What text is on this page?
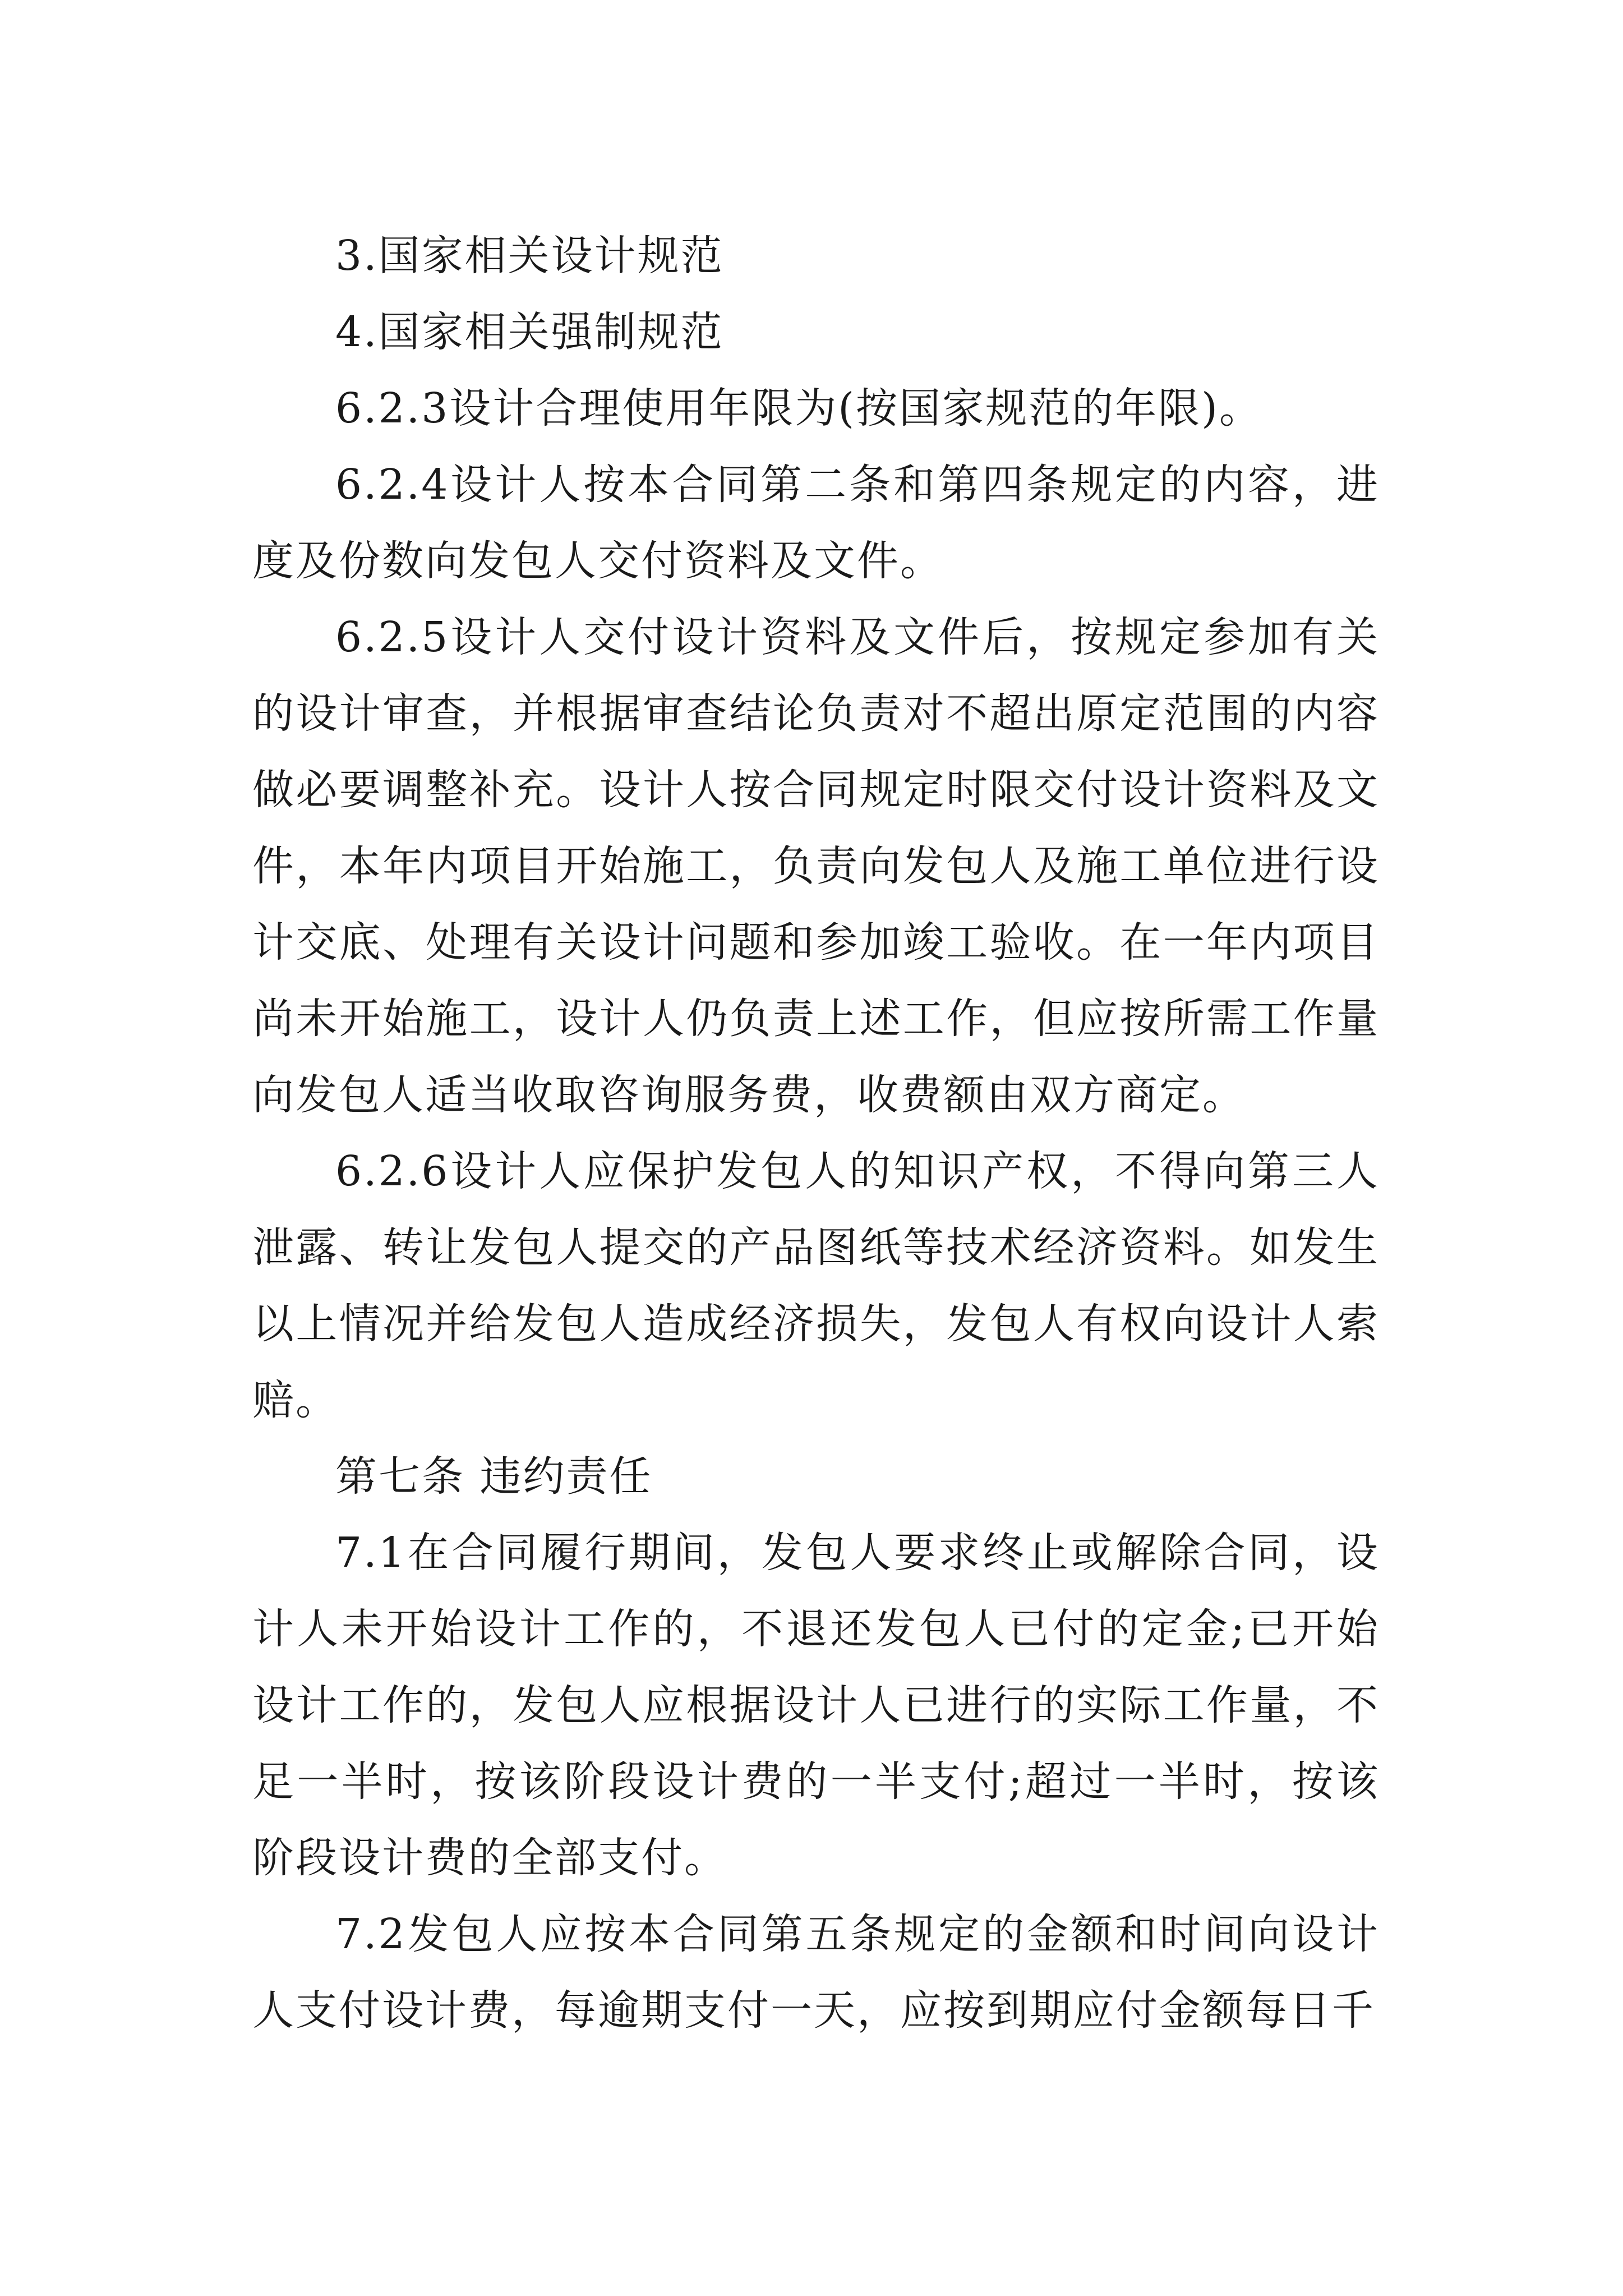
3.国家相关设计规范

4.国家相关强制规范

6.2.3设计合理使用年限为(按国家规范的年限)。

6.2.4设计人按本合同第二条和第四条规定的内容，进度及份数向发包人交付资料及文件。

6.2.5设计人交付设计资料及文件后，按规定参加有关的设计审查，并根据审查结论负责对不超出原定范围的内容做必要调整补充。设计人按合同规定时限交付设计资料及文件，本年内项目开始施工，负责向发包人及施工单位进行设计交底、处理有关设计问题和参加竣工验收。在一年内项目尚未开始施工，设计人仍负责上述工作，但应按所需工作量向发包人适当收取咨询服务费，收费额由双方商定。

6.2.6设计人应保护发包人的知识产权，不得向第三人泄露、转让发包人提交的产品图纸等技术经济资料。如发生以上情况并给发包人造成经济损失，发包人有权向设计人索赔。

第七条 违约责任

7.1在合同履行期间，发包人要求终止或解除合同，设计人未开始设计工作的，不退还发包人已付的定金;已开始设计工作的，发包人应根据设计人已进行的实际工作量，不足一半时，按该阶段设计费的一半支付;超过一半时，按该阶段设计费的全部支付。

7.2发包人应按本合同第五条规定的金额和时间向设计人支付设计费，每逾期支付一天，应按到期应付金额每日千
